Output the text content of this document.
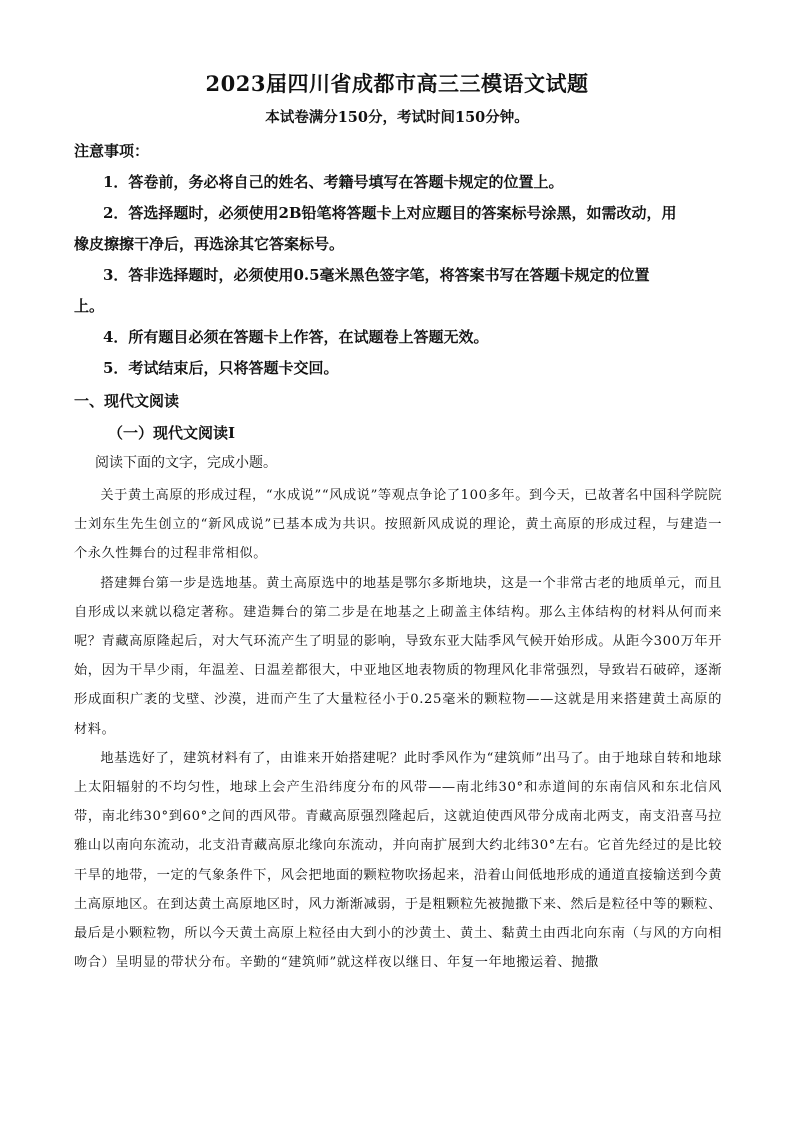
2023届四川省成都市高三三模语文试题
本试卷满分150分，考试时间150分钟。
注意事项：
1．答卷前，务必将自己的姓名、考籍号填写在答题卡规定的位置上。
2．答选择题时，必须使用2B铅笔将答题卡上对应题目的答案标号涂黑，如需改动，用
橡皮擦擦干净后，再选涂其它答案标号。
3．答非选择题时，必须使用0.5毫米黑色签字笔，将答案书写在答题卡规定的位置
上。
4．所有题目必须在答题卡上作答，在试题卷上答题无效。
5．考试结束后，只将答题卡交回。
一、现代文阅读
（一）现代文阅读Ⅰ
阅读下面的文字，完成小题。

关于黄土高原的形成过程，“水成说”“风成说”等观点争论了100多年。到今天，已故著名中国科学院院士刘东生先生创立的“新风成说”已基本成为共识。按照新风成说的理论，黄土高原的形成过程，与建造一个永久性舞台的过程非常相似。

搭建舞台第一步是选地基。黄土高原选中的地基是鄂尔多斯地块，这是一个非常古老的地质单元，而且自形成以来就以稳定著称。建造舞台的第二步是在地基之上砌盖主体结构。那么主体结构的材料从何而来呢？青藏高原隆起后，对大气环流产生了明显的影响，导致东亚大陆季风气候开始形成。从距今300万年开始，因为干旱少雨，年温差、日温差都很大，中亚地区地表物质的物理风化非常强烈，导致岩石破碎，逐渐形成面积广袤的戈壁、沙漠，进而产生了大量粒径小于0.25毫米的颗粒物——这就是用来搭建黄土高原的材料。

地基选好了，建筑材料有了，由谁来开始搭建呢？此时季风作为“建筑师”出马了。由于地球自转和地球上太阳辐射的不均匀性，地球上会产生沿纬度分布的风带——南北纬30°和赤道间的东南信风和东北信风带，南北纬30°到60°之间的西风带。青藏高原强烈隆起后，这就迫使西风带分成南北两支，南支沿喜马拉雅山以南向东流动，北支沿青藏高原北缘向东流动，并向南扩展到大约北纬30°左右。它首先经过的是比较干旱的地带，一定的气象条件下，风会把地面的颗粒物吹扬起来，沿着山间低地形成的通道直接输送到今黄土高原地区。在到达黄土高原地区时，风力渐渐减弱，于是粗颗粒先被抛撒下来、然后是粒径中等的颗粒、最后是小颗粒物，所以今天黄土高原上粒径由大到小的沙黄土、黄土、黏黄土由西北向东南（与风的方向相吻合）呈明显的带状分布。辛勤的“建筑师”就这样夜以继日、年复一年地搬运着、抛撒
